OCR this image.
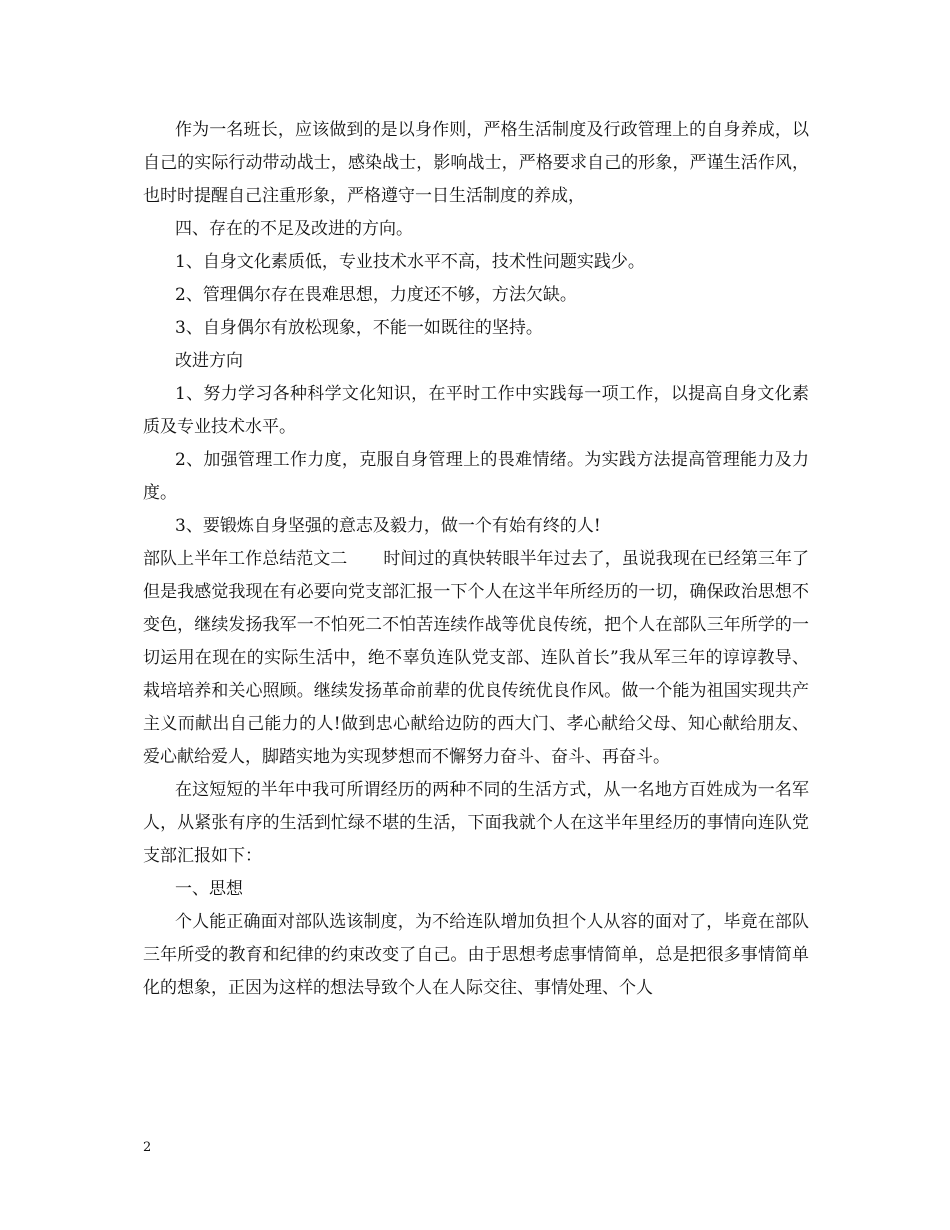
作为一名班长，应该做到的是以身作则，严格生活制度及行政管理上的自身养成，以自己的实际行动带动战士，感染战士，影响战士，严格要求自己的形象，严谨生活作风，也时时提醒自己注重形象，严格遵守一日生活制度的养成，

四、存在的不足及改进的方向。

1、自身文化素质低，专业技术水平不高，技术性问题实践少。

2、管理偶尔存在畏难思想，力度还不够，方法欠缺。

3、自身偶尔有放松现象，不能一如既往的坚持。

改进方向

1、努力学习各种科学文化知识，在平时工作中实践每一项工作，以提高自身文化素质及专业技术水平。

2、加强管理工作力度，克服自身管理上的畏难情绪。为实践方法提高管理能力及力度。

3、要锻炼自身坚强的意志及毅力，做一个有始有终的人!

部队上半年工作总结范文二 时间过的真快转眼半年过去了，虽说我现在已经第三年了但是我感觉我现在有必要向党支部汇报一下个人在这半年所经历的一切，确保政治思想不变色，继续发扬我军一不怕死二不怕苦连续作战等优良传统，把个人在部队三年所学的一切运用在现在的实际生活中，绝不辜负连队党支部、连队首长”我从军三年的谆谆教导、栽培培养和关心照顾。继续发扬革命前辈的优良传统优良作风。做一个能为祖国实现共产主义而献出自己能力的人!做到忠心献给边防的西大门、孝心献给父母、知心献给朋友、爱心献给爱人，脚踏实地为实现梦想而不懈努力奋斗、奋斗、再奋斗。

在这短短的半年中我可所谓经历的两种不同的生活方式，从一名地方百姓成为一名军人，从紧张有序的生活到忙绿不堪的生活，下面我就个人在这半年里经历的事情向连队党支部汇报如下：

一、思想

个人能正确面对部队选该制度，为不给连队增加负担个人从容的面对了，毕竟在部队三年所受的教育和纪律的约束改变了自己。由于思想考虑事情简单，总是把很多事情简单化的想象，正因为这样的想法导致个人在人际交往、事情处理、个人

2
